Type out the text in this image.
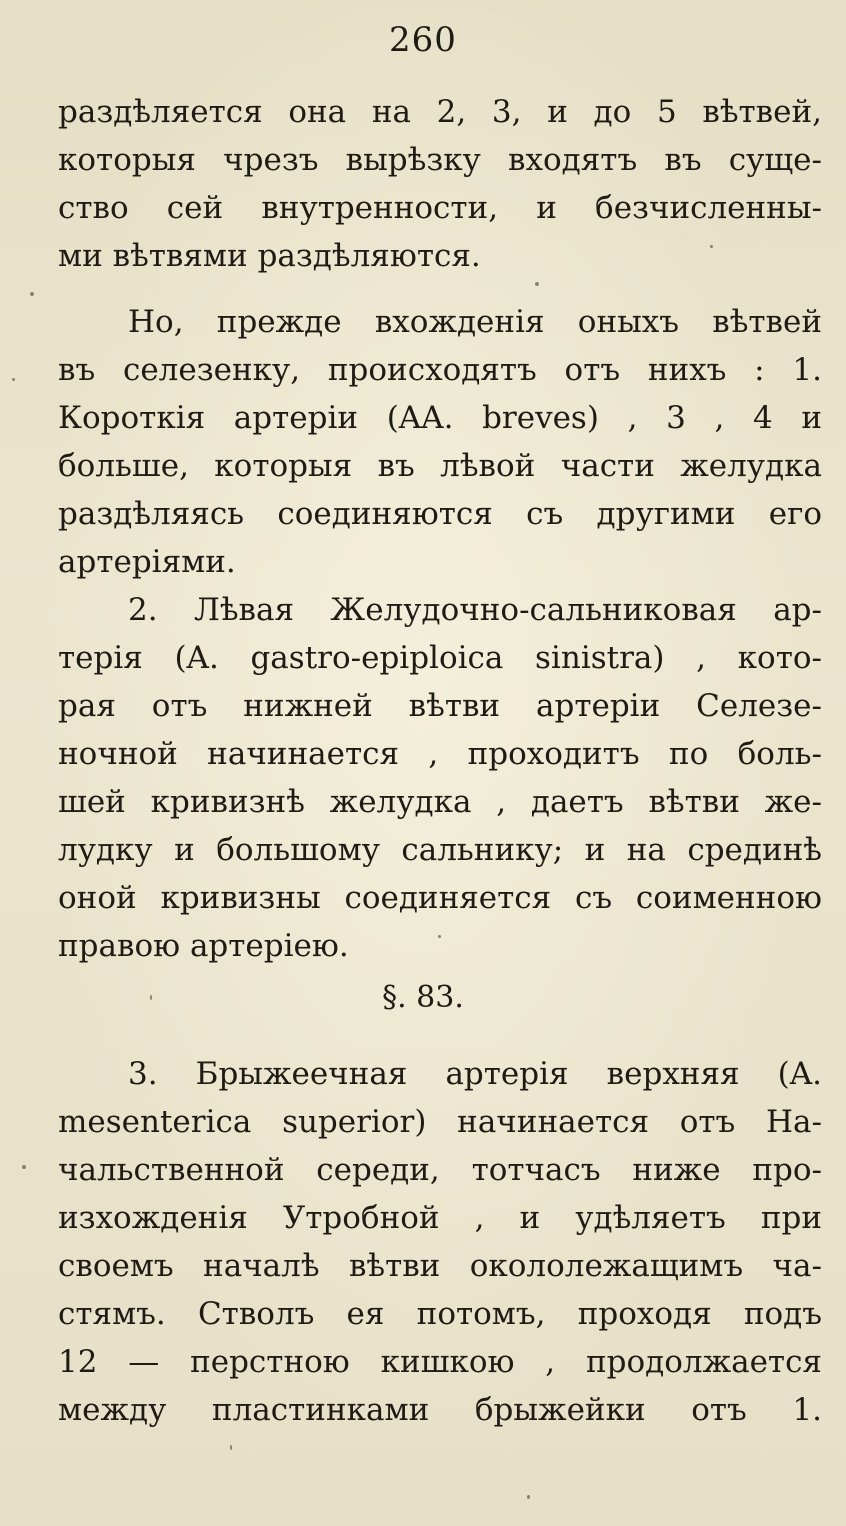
260
раздѣляется она на 2, 3, и до 5 вѣтвей,
которыя чрезъ вырѣзку входятъ въ суще-
ство сей внутренности, и безчисленны-
ми вѣтвями раздѣляются.
Но, прежде вхожденія оныхъ вѣтвей
въ селезенку, происходятъ отъ нихъ : 1.
Короткія артеріи (AA. breves) , 3 , 4 и
больше, которыя въ лѣвой части желудка
раздѣляясь соединяются съ другими его
артеріями.
2. Лѣвая Желудочно-сальниковая ар-
терія (A. gastro-epiploica sinistra) , кото-
рая отъ нижней вѣтви артеріи Селезе-
ночной начинается , проходитъ по боль-
шей кривизнѣ желудка , даетъ вѣтви же-
лудку и большому сальнику; и на срединѣ
оной кривизны соединяется съ соименною
правою артеріею.
§. 83.
3. Брыжеечная артерія верхняя (A.
mesenterica superior) начинается отъ На-
чальственной середи, тотчасъ ниже про-
изхожденія Утробной , и удѣляетъ при
своемъ началѣ вѣтви окололежащимъ ча-
стямъ. Стволъ ея потомъ, проходя подъ
12 — перстною кишкою , продолжается
между пластинками брыжейки отъ 1.
